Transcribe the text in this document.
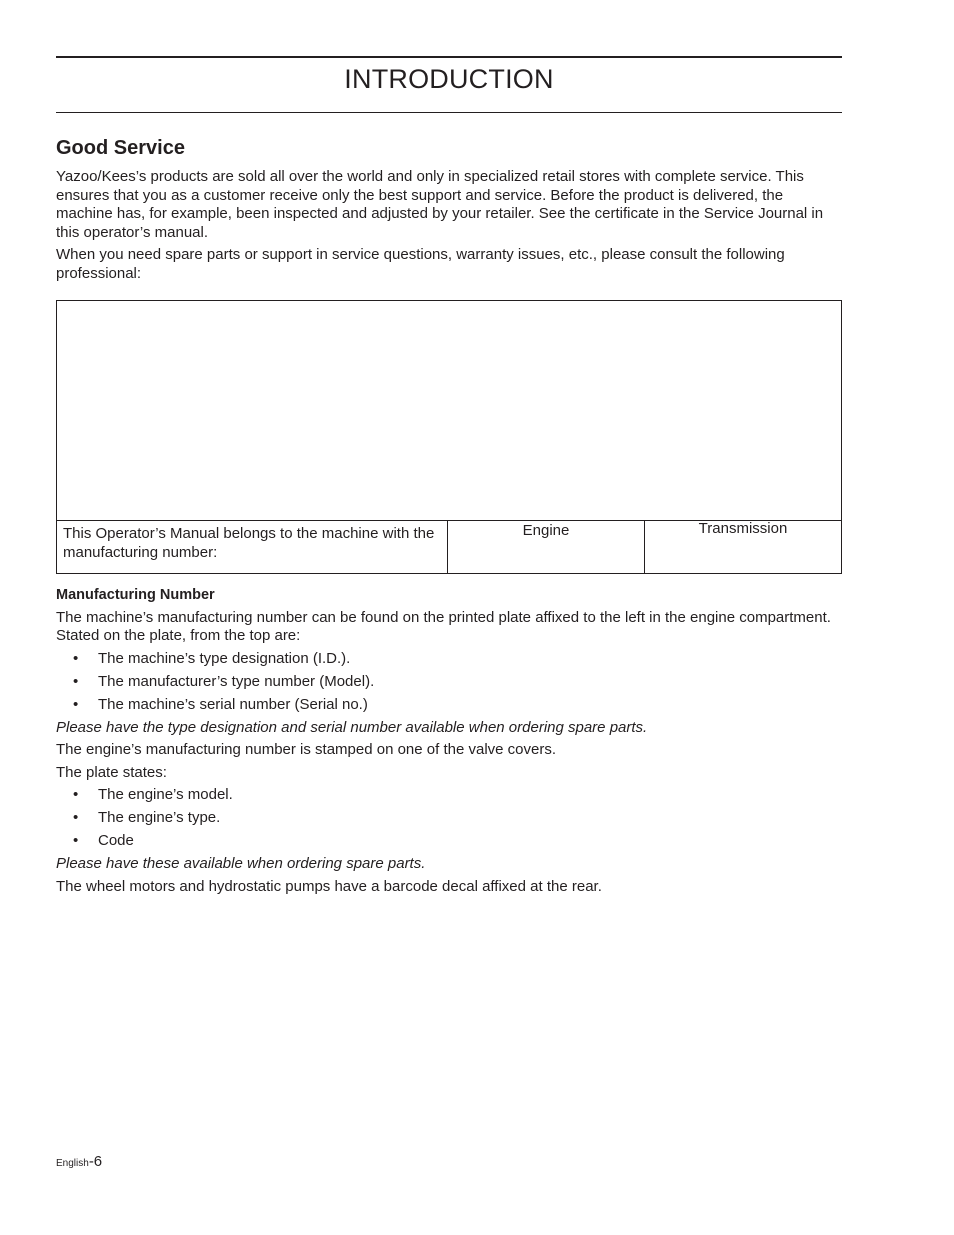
INTRODUCTION
Good Service

Yazoo/Kees’s products are sold all over the world and only in specialized retail stores with complete service. This ensures that you as a customer receive only the best support and service. Before the product is delivered, the machine has, for example, been inspected and adjusted by your retailer. See the certificate in the Service Journal in this operator’s manual.

When you need spare parts or support in service questions, warranty issues, etc., please consult the following professional:

This Operator’s Manual belongs to the machine with the manufacturing number:
Engine	Transmission
Manufacturing Number

The machine’s manufacturing number can be found on the printed plate affixed to the left in the engine compartment. Stated on the plate, from the top are:

• The machine’s type designation (I.D.).
• The manufacturer’s type number (Model).
• The machine’s serial number (Serial no.)

Please have the type designation and serial number available when ordering spare parts.

The engine’s manufacturing number is stamped on one of the valve covers.

The plate states:

• The engine’s model.
• The engine’s type.
• Code

Please have these available when ordering spare parts.

The wheel motors and hydrostatic pumps have a barcode decal affixed at the rear.

English-6
